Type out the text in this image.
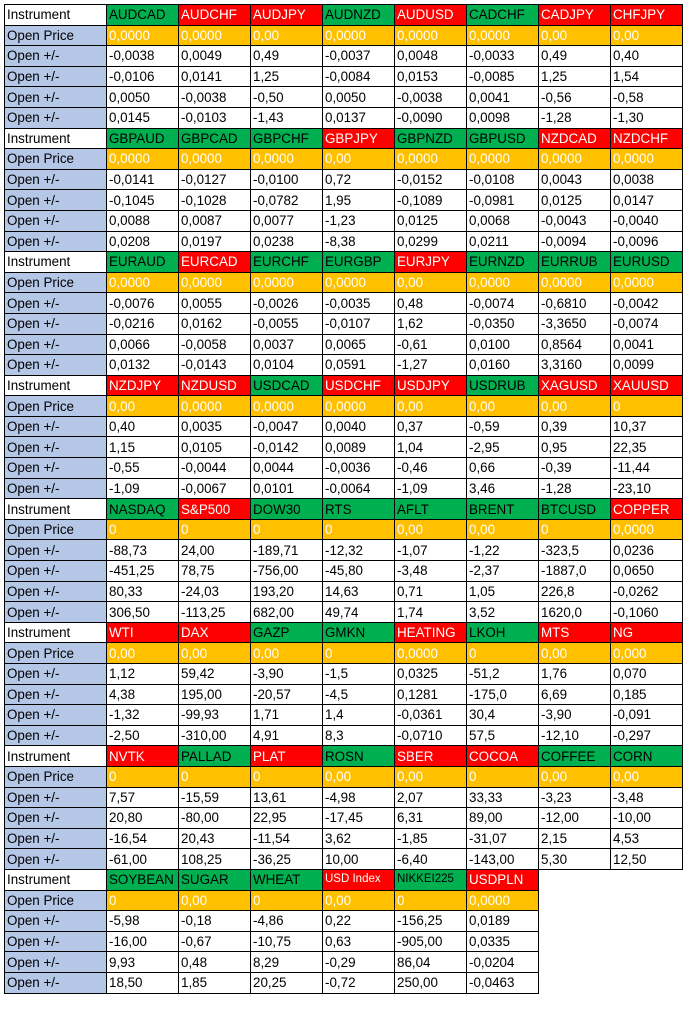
Instrument	AUDCAD	AUDCHF	AUDJPY	AUDNZD	AUDUSD	CADCHF	CADJPY	CHFJPY
Open Price	0,0000	0,0000	0,00	0,0000	0,0000	0,0000	0,00	0,00
Open +/-	-0,0038	0,0049	0,49	-0,0037	0,0048	-0,0033	0,49	0,40
Open +/-	-0,0106	0,0141	1,25	-0,0084	0,0153	-0,0085	1,25	1,54
Open +/-	0,0050	-0,0038	-0,50	0,0050	-0,0038	0,0041	-0,56	-0,58
Open +/-	0,0145	-0,0103	-1,43	0,0137	-0,0090	0,0098	-1,28	-1,30
Instrument	GBPAUD	GBPCAD	GBPCHF	GBPJPY	GBPNZD	GBPUSD	NZDCAD	NZDCHF
Open Price	0,0000	0,0000	0,0000	0,00	0,0000	0,0000	0,0000	0,0000
Open +/-	-0,0141	-0,0127	-0,0100	0,72	-0,0152	-0,0108	0,0043	0,0038
Open +/-	-0,1045	-0,1028	-0,0782	1,95	-0,1089	-0,0981	0,0125	0,0147
Open +/-	0,0088	0,0087	0,0077	-1,23	0,0125	0,0068	-0,0043	-0,0040
Open +/-	0,0208	0,0197	0,0238	-8,38	0,0299	0,0211	-0,0094	-0,0096
Instrument	EURAUD	EURCAD	EURCHF	EURGBP	EURJPY	EURNZD	EURRUB	EURUSD
Open Price	0,0000	0,0000	0,0000	0,0000	0,00	0,0000	0,0000	0,0000
Open +/-	-0,0076	0,0055	-0,0026	-0,0035	0,48	-0,0074	-0,6810	-0,0042
Open +/-	-0,0216	0,0162	-0,0055	-0,0107	1,62	-0,0350	-3,3650	-0,0074
Open +/-	0,0066	-0,0058	0,0037	0,0065	-0,61	0,0100	0,8564	0,0041
Open +/-	0,0132	-0,0143	0,0104	0,0591	-1,27	0,0160	3,3160	0,0099
Instrument	NZDJPY	NZDUSD	USDCAD	USDCHF	USDJPY	USDRUB	XAGUSD	XAUUSD
Open Price	0,00	0,0000	0,0000	0,0000	0,00	0,00	0,00	0
Open +/-	0,40	0,0035	-0,0047	0,0040	0,37	-0,59	0,39	10,37
Open +/-	1,15	0,0105	-0,0142	0,0089	1,04	-2,95	0,95	22,35
Open +/-	-0,55	-0,0044	0,0044	-0,0036	-0,46	0,66	-0,39	-11,44
Open +/-	-1,09	-0,0067	0,0101	-0,0064	-1,09	3,46	-1,28	-23,10
Instrument	NASDAQ	S&P500	DOW30	RTS	AFLT	BRENT	BTCUSD	COPPER
Open Price	0	0	0	0	0,00	0,00	0	0,0000
Open +/-	-88,73	24,00	-189,71	-12,32	-1,07	-1,22	-323,5	0,0236
Open +/-	-451,25	78,75	-756,00	-45,80	-3,48	-2,37	-1887,0	0,0650
Open +/-	80,33	-24,03	193,20	14,63	0,71	1,05	226,8	-0,0262
Open +/-	306,50	-113,25	682,00	49,74	1,74	3,52	1620,0	-0,1060
Instrument	WTI	DAX	GAZP	GMKN	HEATING	LKOH	MTS	NG
Open Price	0,00	0,00	0,00	0	0,0000	0	0,00	0,000
Open +/-	1,12	59,42	-3,90	-1,5	0,0325	-51,2	1,76	0,070
Open +/-	4,38	195,00	-20,57	-4,5	0,1281	-175,0	6,69	0,185
Open +/-	-1,32	-99,93	1,71	1,4	-0,0361	30,4	-3,90	-0,091
Open +/-	-2,50	-310,00	4,91	8,3	-0,0710	57,5	-12,10	-0,297
Instrument	NVTK	PALLAD	PLAT	ROSN	SBER	COCOA	COFFEE	CORN
Open Price	0	0	0	0,00	0,00	0	0,00	0,00
Open +/-	7,57	-15,59	13,61	-4,98	2,07	33,33	-3,23	-3,48
Open +/-	20,80	-80,00	22,95	-17,45	6,31	89,00	-12,00	-10,00
Open +/-	-16,54	20,43	-11,54	3,62	-1,85	-31,07	2,15	4,53
Open +/-	-61,00	108,25	-36,25	10,00	-6,40	-143,00	5,30	12,50
Instrument	SOYBEAN	SUGAR	WHEAT	USD Index	NIKKEI225	USDPLN		
Open Price	0	0,00	0	0,00	0	0,0000		
Open +/-	-5,98	-0,18	-4,86	0,22	-156,25	0,0189		
Open +/-	-16,00	-0,67	-10,75	0,63	-905,00	0,0335		
Open +/-	9,93	0,48	8,29	-0,29	86,04	-0,0204		
Open +/-	18,50	1,85	20,25	-0,72	250,00	-0,0463		
